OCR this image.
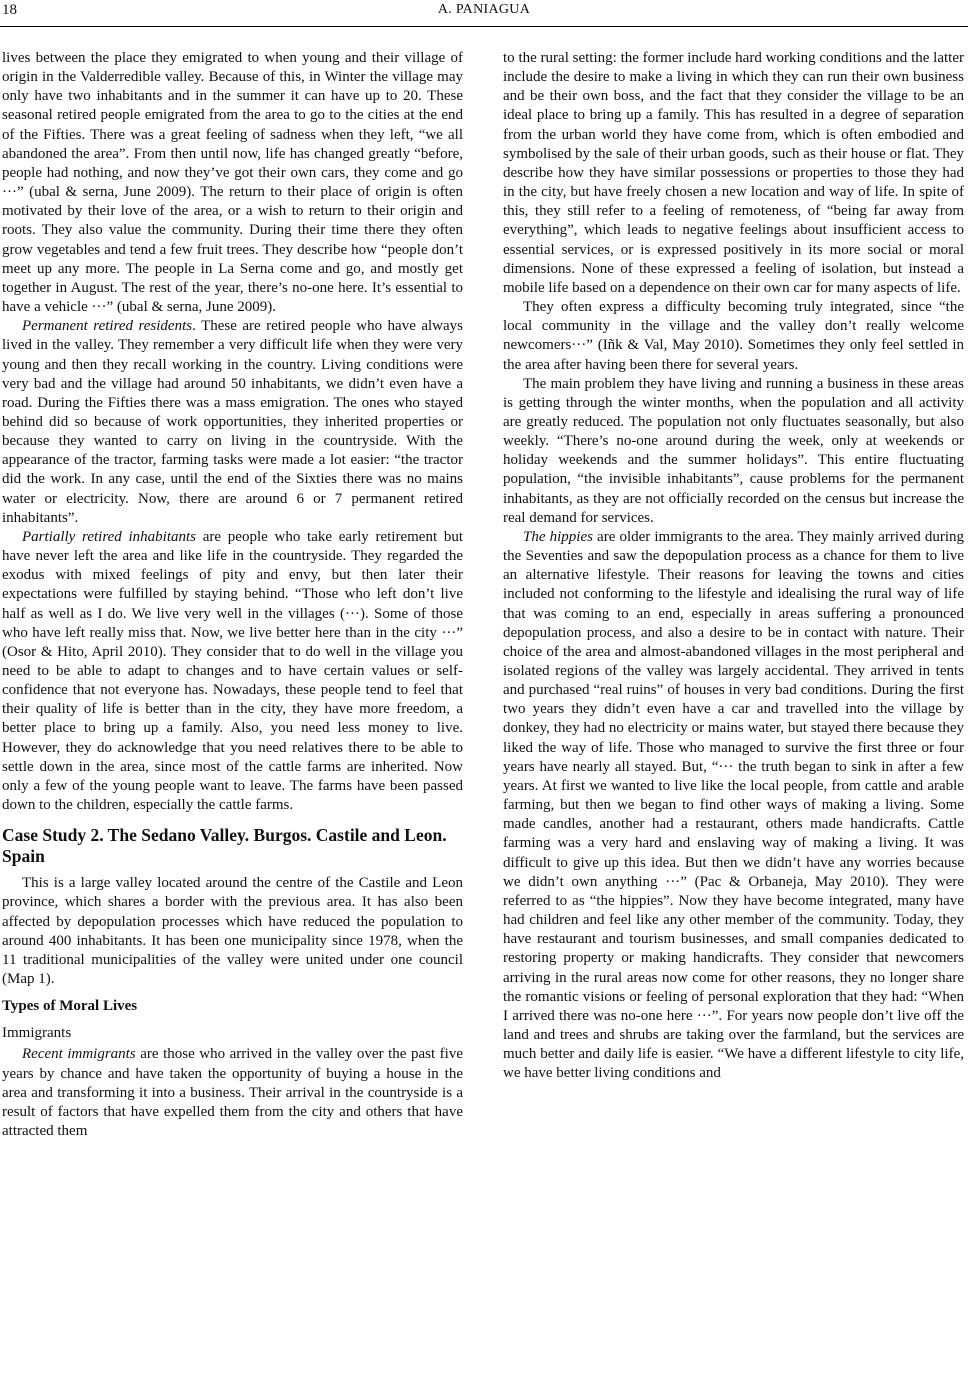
18	A. PANIAGUA

lives between the place they emigrated to when young and their village of origin in the Valderredible valley. Because of this, in Winter the village may only have two inhabitants and in the summer it can have up to 20. These seasonal retired people emigrated from the area to go to the cities at the end of the Fifties. There was a great feeling of sadness when they left, “we all abandoned the area”. From then until now, life has changed greatly “before, people had nothing, and now they’ve got their own cars, they come and go ···” (ubal & serna, June 2009). The return to their place of origin is often motivated by their love of the area, or a wish to return to their origin and roots. They also value the community. During their time there they often grow vegetables and tend a few fruit trees. They describe how “people don’t meet up any more. The people in La Serna come and go, and mostly get together in August. The rest of the year, there’s no-one here. It’s essential to have a vehicle ···” (ubal & serna, June 2009).

Permanent retired residents. These are retired people who have always lived in the valley. They remember a very difficult life when they were very young and then they recall working in the country. Living conditions were very bad and the village had around 50 inhabitants, we didn’t even have a road. During the Fifties there was a mass emigration. The ones who stayed behind did so because of work opportunities, they inherited properties or because they wanted to carry on living in the countryside. With the appearance of the tractor, farming tasks were made a lot easier: “the tractor did the work. In any case, until the end of the Sixties there was no mains water or electricity. Now, there are around 6 or 7 permanent retired inhabitants”.

Partially retired inhabitants are people who take early retirement but have never left the area and like life in the countryside. They regarded the exodus with mixed feelings of pity and envy, but then later their expectations were fulfilled by staying behind. “Those who left don’t live half as well as I do. We live very well in the villages (···). Some of those who have left really miss that. Now, we live better here than in the city ···” (Osor & Hito, April 2010). They consider that to do well in the village you need to be able to adapt to changes and to have certain values or self-confidence that not everyone has. Nowadays, these people tend to feel that their quality of life is better than in the city, they have more freedom, a better place to bring up a family. Also, you need less money to live. However, they do acknowledge that you need relatives there to be able to settle down in the area, since most of the cattle farms are inherited. Now only a few of the young people want to leave. The farms have been passed down to the children, especially the cattle farms.

Case Study 2. The Sedano Valley. Burgos. Castile and Leon. Spain

This is a large valley located around the centre of the Castile and Leon province, which shares a border with the previous area. It has also been affected by depopulation processes which have reduced the population to around 400 inhabitants. It has been one municipality since 1978, when the 11 traditional municipalities of the valley were united under one council (Map 1).

Types of Moral Lives

Immigrants

Recent immigrants are those who arrived in the valley over the past five years by chance and have taken the opportunity of buying a house in the area and transforming it into a business. Their arrival in the countryside is a result of factors that have expelled them from the city and others that have attracted them

to the rural setting: the former include hard working conditions and the latter include the desire to make a living in which they can run their own business and be their own boss, and the fact that they consider the village to be an ideal place to bring up a family. This has resulted in a degree of separation from the urban world they have come from, which is often embodied and symbolised by the sale of their urban goods, such as their house or flat. They describe how they have similar possessions or properties to those they had in the city, but have freely chosen a new location and way of life. In spite of this, they still refer to a feeling of remoteness, of “being far away from everything”, which leads to negative feelings about insufficient access to essential services, or is expressed positively in its more social or moral dimensions. None of these expressed a feeling of isolation, but instead a mobile life based on a dependence on their own car for many aspects of life.

They often express a difficulty becoming truly integrated, since “the local community in the village and the valley don’t really welcome newcomers···” (Iñk & Val, May 2010). Sometimes they only feel settled in the area after having been there for several years.

The main problem they have living and running a business in these areas is getting through the winter months, when the population and all activity are greatly reduced. The population not only fluctuates seasonally, but also weekly. “There’s no-one around during the week, only at weekends or holiday weekends and the summer holidays”. This entire fluctuating population, “the invisible inhabitants”, cause problems for the permanent inhabitants, as they are not officially recorded on the census but increase the real demand for services.

The hippies are older immigrants to the area. They mainly arrived during the Seventies and saw the depopulation process as a chance for them to live an alternative lifestyle. Their reasons for leaving the towns and cities included not conforming to the lifestyle and idealising the rural way of life that was coming to an end, especially in areas suffering a pronounced depopulation process, and also a desire to be in contact with nature. Their choice of the area and almost-abandoned villages in the most peripheral and isolated regions of the valley was largely accidental. They arrived in tents and purchased “real ruins” of houses in very bad conditions. During the first two years they didn’t even have a car and travelled into the village by donkey, they had no electricity or mains water, but stayed there because they liked the way of life. Those who managed to survive the first three or four years have nearly all stayed. But, “··· the truth began to sink in after a few years. At first we wanted to live like the local people, from cattle and arable farming, but then we began to find other ways of making a living. Some made candles, another had a restaurant, others made handicrafts. Cattle farming was a very hard and enslaving way of making a living. It was difficult to give up this idea. But then we didn’t have any worries because we didn’t own anything ···” (Pac & Orbaneja, May 2010). They were referred to as “the hippies”. Now they have become integrated, many have had children and feel like any other member of the community. Today, they have restaurant and tourism businesses, and small companies dedicated to restoring property or making handicrafts. They consider that newcomers arriving in the rural areas now come for other reasons, they no longer share the romantic visions or feeling of personal exploration that they had: “When I arrived there was no-one here ···”. For years now people don’t live off the land and trees and shrubs are taking over the farmland, but the services are much better and daily life is easier. “We have a different lifestyle to city life, we have better living conditions and
